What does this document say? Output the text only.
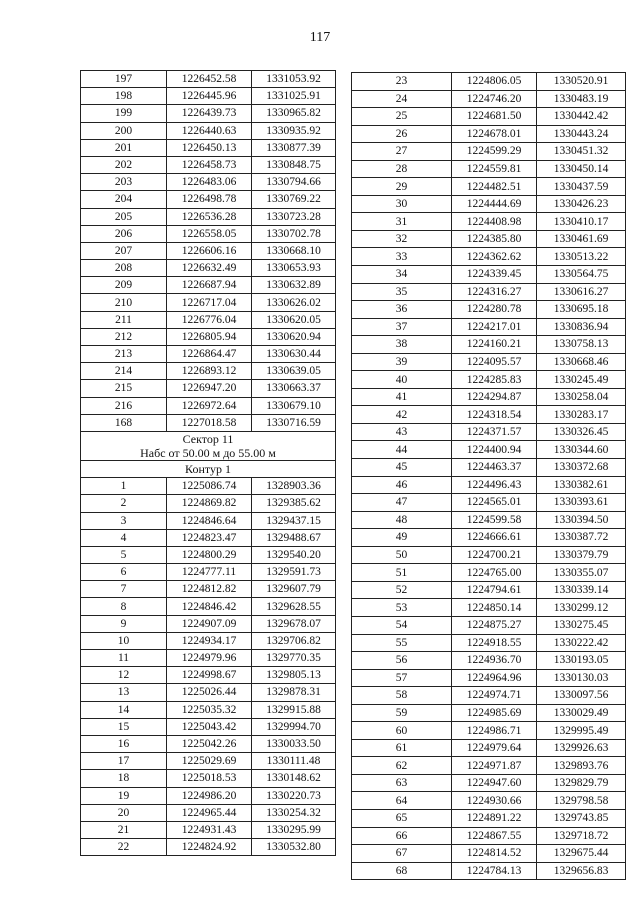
117
197	1226452.58	1331053.92
198	1226445.96	1331025.91
199	1226439.73	1330965.82
200	1226440.63	1330935.92
201	1226450.13	1330877.39
202	1226458.73	1330848.75
203	1226483.06	1330794.66
204	1226498.78	1330769.22
205	1226536.28	1330723.28
206	1226558.05	1330702.78
207	1226606.16	1330668.10
208	1226632.49	1330653.93
209	1226687.94	1330632.89
210	1226717.04	1330626.02
211	1226776.04	1330620.05
212	1226805.94	1330620.94
213	1226864.47	1330630.44
214	1226893.12	1330639.05
215	1226947.20	1330663.37
216	1226972.64	1330679.10
168	1227018.58	1330716.59

Сектор 11
Набс от 50.00 м до 55.00 м		

Контур 1		
1	1225086.74	1328903.36
2	1224869.82	1329385.62
3	1224846.64	1329437.15
4	1224823.47	1329488.67
5	1224800.29	1329540.20
6	1224777.11	1329591.73
7	1224812.82	1329607.79
8	1224846.42	1329628.55
9	1224907.09	1329678.07
10	1224934.17	1329706.82
11	1224979.96	1329770.35
12	1224998.67	1329805.13
13	1225026.44	1329878.31
14	1225035.32	1329915.88
15	1225043.42	1329994.70
16	1225042.26	1330033.50
17	1225029.69	1330111.48
18	1225018.53	1330148.62
19	1224986.20	1330220.73
20	1224965.44	1330254.32
21	1224931.43	1330295.99
22	1224824.92	1330532.80
23	1224806.05	1330520.91
24	1224746.20	1330483.19
25	1224681.50	1330442.42
26	1224678.01	1330443.24
27	1224599.29	1330451.32
28	1224559.81	1330450.14
29	1224482.51	1330437.59
30	1224444.69	1330426.23
31	1224408.98	1330410.17
32	1224385.80	1330461.69
33	1224362.62	1330513.22
34	1224339.45	1330564.75
35	1224316.27	1330616.27
36	1224280.78	1330695.18
37	1224217.01	1330836.94
38	1224160.21	1330758.13
39	1224095.57	1330668.46
40	1224285.83	1330245.49
41	1224294.87	1330258.04
42	1224318.54	1330283.17
43	1224371.57	1330326.45
44	1224400.94	1330344.60
45	1224463.37	1330372.68
46	1224496.43	1330382.61
47	1224565.01	1330393.61
48	1224599.58	1330394.50
49	1224666.61	1330387.72
50	1224700.21	1330379.79
51	1224765.00	1330355.07
52	1224794.61	1330339.14
53	1224850.14	1330299.12
54	1224875.27	1330275.45
55	1224918.55	1330222.42
56	1224936.70	1330193.05
57	1224964.96	1330130.03
58	1224974.71	1330097.56
59	1224985.69	1330029.49
60	1224986.71	1329995.49
61	1224979.64	1329926.63
62	1224971.87	1329893.76
63	1224947.60	1329829.79
64	1224930.66	1329798.58
65	1224891.22	1329743.85
66	1224867.55	1329718.72
67	1224814.52	1329675.44
68	1224784.13	1329656.83
